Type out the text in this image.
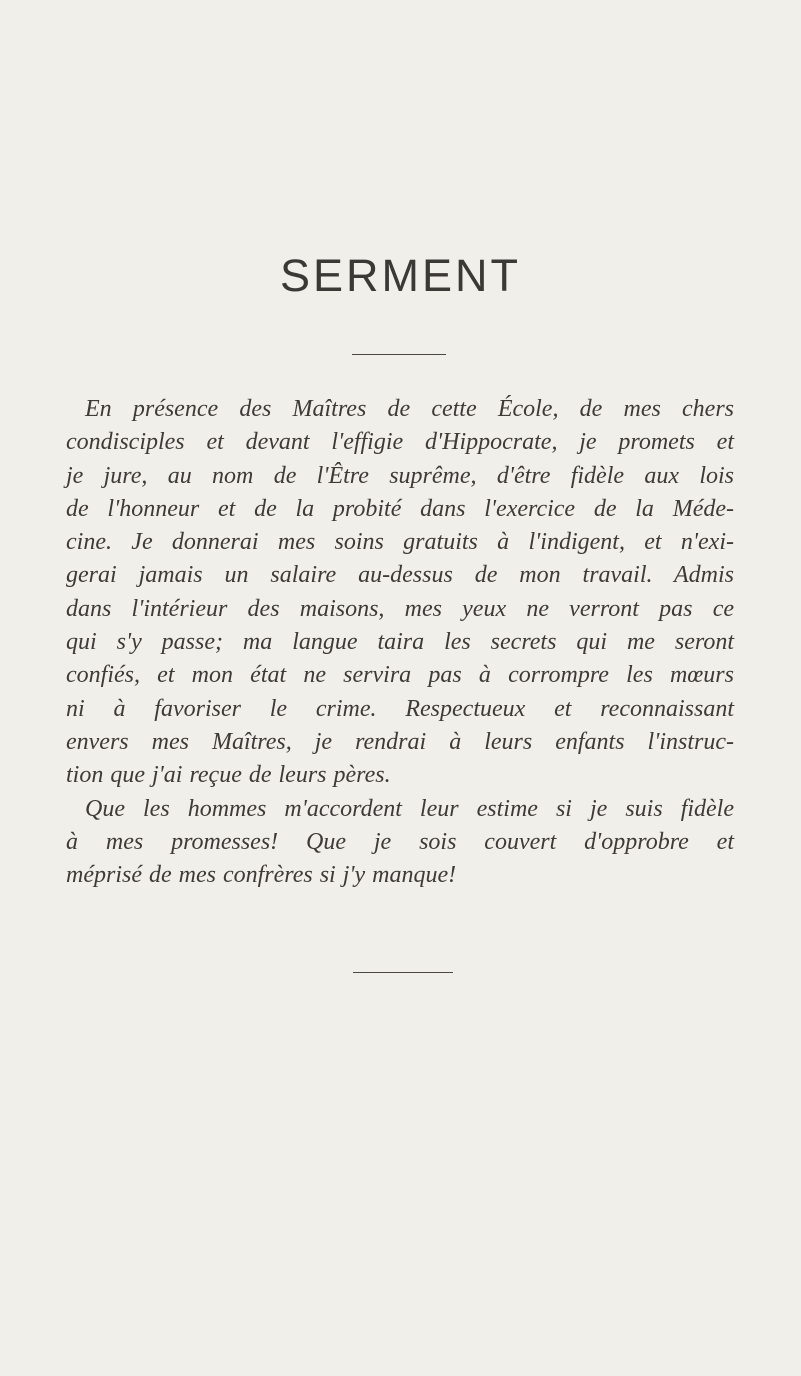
SERMENT

En présence des Maîtres de cette École, de mes chers
condisciples et devant l'effigie d'Hippocrate, je promets et
je jure, au nom de l'Être suprême, d'être fidèle aux lois
de l'honneur et de la probité dans l'exercice de la Méde-
cine. Je donnerai mes soins gratuits à l'indigent, et n'exi-
gerai jamais un salaire au-dessus de mon travail. Admis
dans l'intérieur des maisons, mes yeux ne verront pas ce
qui s'y passe; ma langue taira les secrets qui me seront
confiés, et mon état ne servira pas à corrompre les mœurs
ni à favoriser le crime. Respectueux et reconnaissant
envers mes Maîtres, je rendrai à leurs enfants l'instruc-
tion que j'ai reçue de leurs pères.

Que les hommes m'accordent leur estime si je suis fidèle
à mes promesses! Que je sois couvert d'opprobre et
méprisé de mes confrères si j'y manque!
